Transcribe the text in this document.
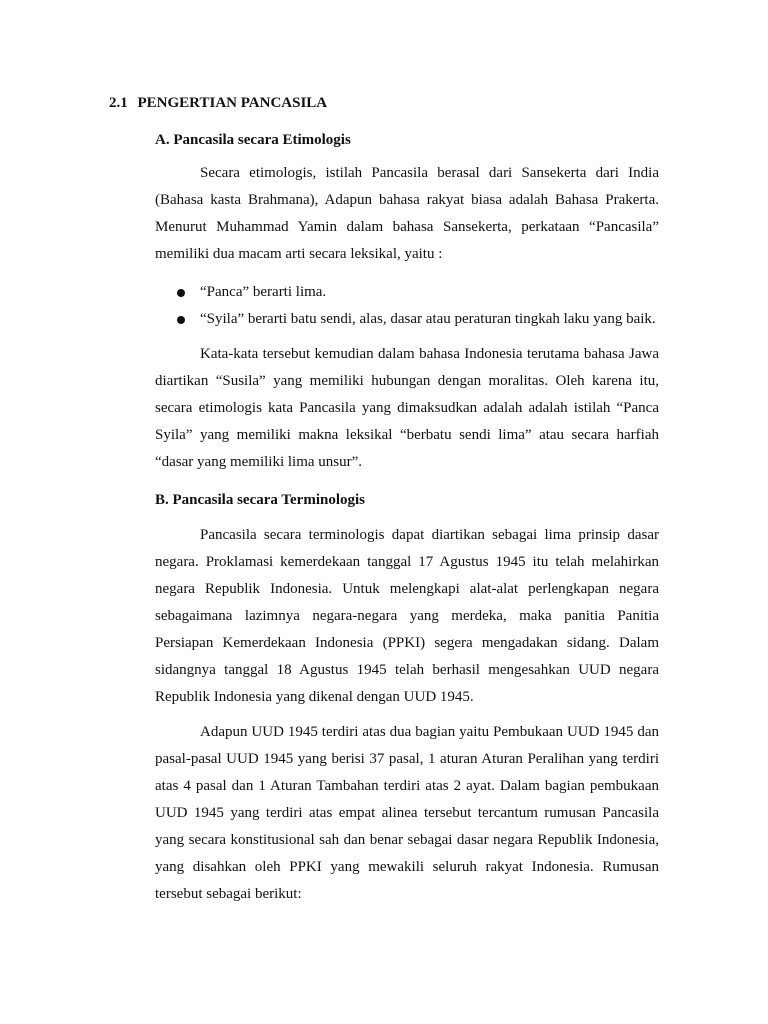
2.1 PENGERTIAN PANCASILA
A. Pancasila secara Etimologis

Secara etimologis, istilah Pancasila berasal dari Sansekerta dari India (Bahasa kasta Brahmana), Adapun bahasa rakyat biasa adalah Bahasa Prakerta. Menurut Muhammad Yamin dalam bahasa Sansekerta, perkataan “Pancasila” memiliki dua macam arti secara leksikal, yaitu :

“Panca” berarti lima.
“Syila” berarti batu sendi, alas, dasar atau peraturan tingkah laku yang baik.

Kata-kata tersebut kemudian dalam bahasa Indonesia terutama bahasa Jawa diartikan “Susila” yang memiliki hubungan dengan moralitas. Oleh karena itu, secara etimologis kata Pancasila yang dimaksudkan adalah adalah istilah “Panca Syila” yang memiliki makna leksikal “berbatu sendi lima” atau secara harfiah “dasar yang memiliki lima unsur”.

B. Pancasila secara Terminologis

Pancasila secara terminologis dapat diartikan sebagai lima prinsip dasar negara. Proklamasi kemerdekaan tanggal 17 Agustus 1945 itu telah melahirkan negara Republik Indonesia. Untuk melengkapi alat-alat perlengkapan negara sebagaimana lazimnya negara-negara yang merdeka, maka panitia Panitia Persiapan Kemerdekaan Indonesia (PPKI) segera mengadakan sidang. Dalam sidangnya tanggal 18 Agustus 1945 telah berhasil mengesahkan UUD negara Republik Indonesia yang dikenal dengan UUD 1945.

Adapun UUD 1945 terdiri atas dua bagian yaitu Pembukaan UUD 1945 dan pasal-pasal UUD 1945 yang berisi 37 pasal, 1 aturan Aturan Peralihan yang terdiri atas 4 pasal dan 1 Aturan Tambahan terdiri atas 2 ayat. Dalam bagian pembukaan UUD 1945 yang terdiri atas empat alinea tersebut tercantum rumusan Pancasila yang secara konstitusional sah dan benar sebagai dasar negara Republik Indonesia, yang disahkan oleh PPKI yang mewakili seluruh rakyat Indonesia. Rumusan tersebut sebagai berikut:
